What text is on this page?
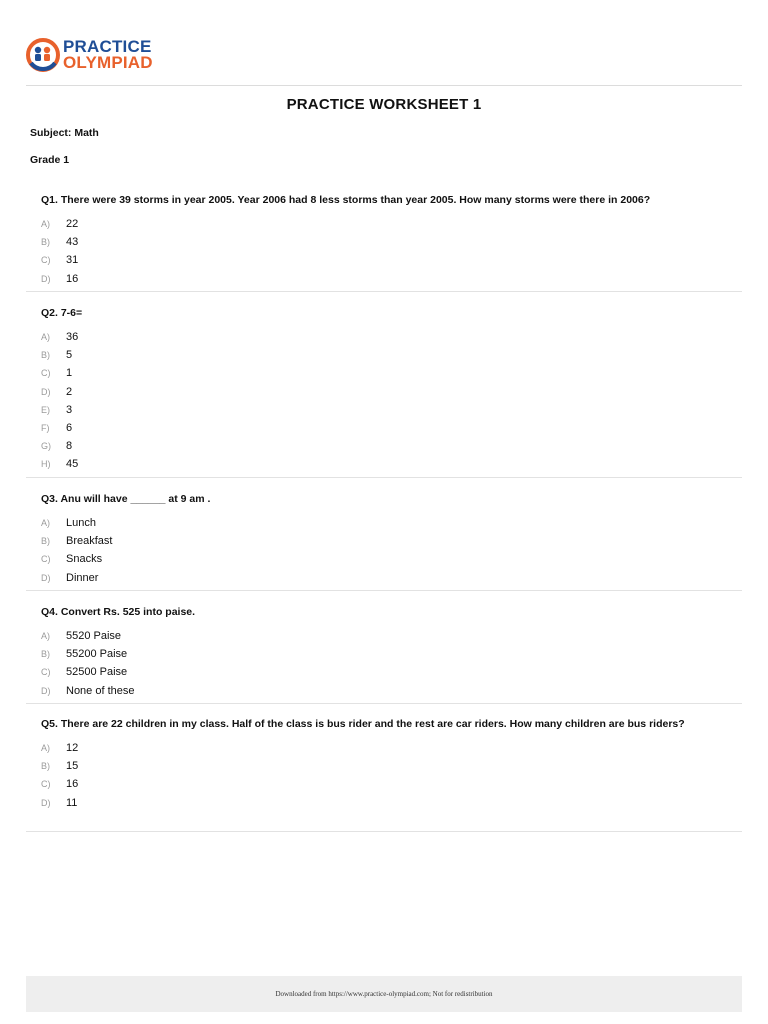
PRACTICE
OLYMPIAD
PRACTICE WORKSHEET 1
Subject: Math
Grade 1
Q1. There were 39 storms in year 2005. Year 2006 had 8 less storms than year 2005. How many storms were there in 2006?
A)	22
B)	43
C)	31
D)	16
Q2. 7-6=
A)	36
B)	5
C)	1
D)	2
E)	3
F)	6
G)	8
H)	45
Q3. Anu will have ______ at 9 am .
A)	Lunch
B)	Breakfast
C)	Snacks
D)	Dinner
Q4. Convert Rs. 525 into paise.
A)	5520 Paise
B)	55200 Paise
C)	52500 Paise
D)	None of these
Q5. There are 22 children in my class. Half of the class is bus rider and the rest are car riders. How many children are bus riders?
A)	12
B)	15
C)	16
D)	11
Downloaded from https://www.practice-olympiad.com; Not for redistribution
